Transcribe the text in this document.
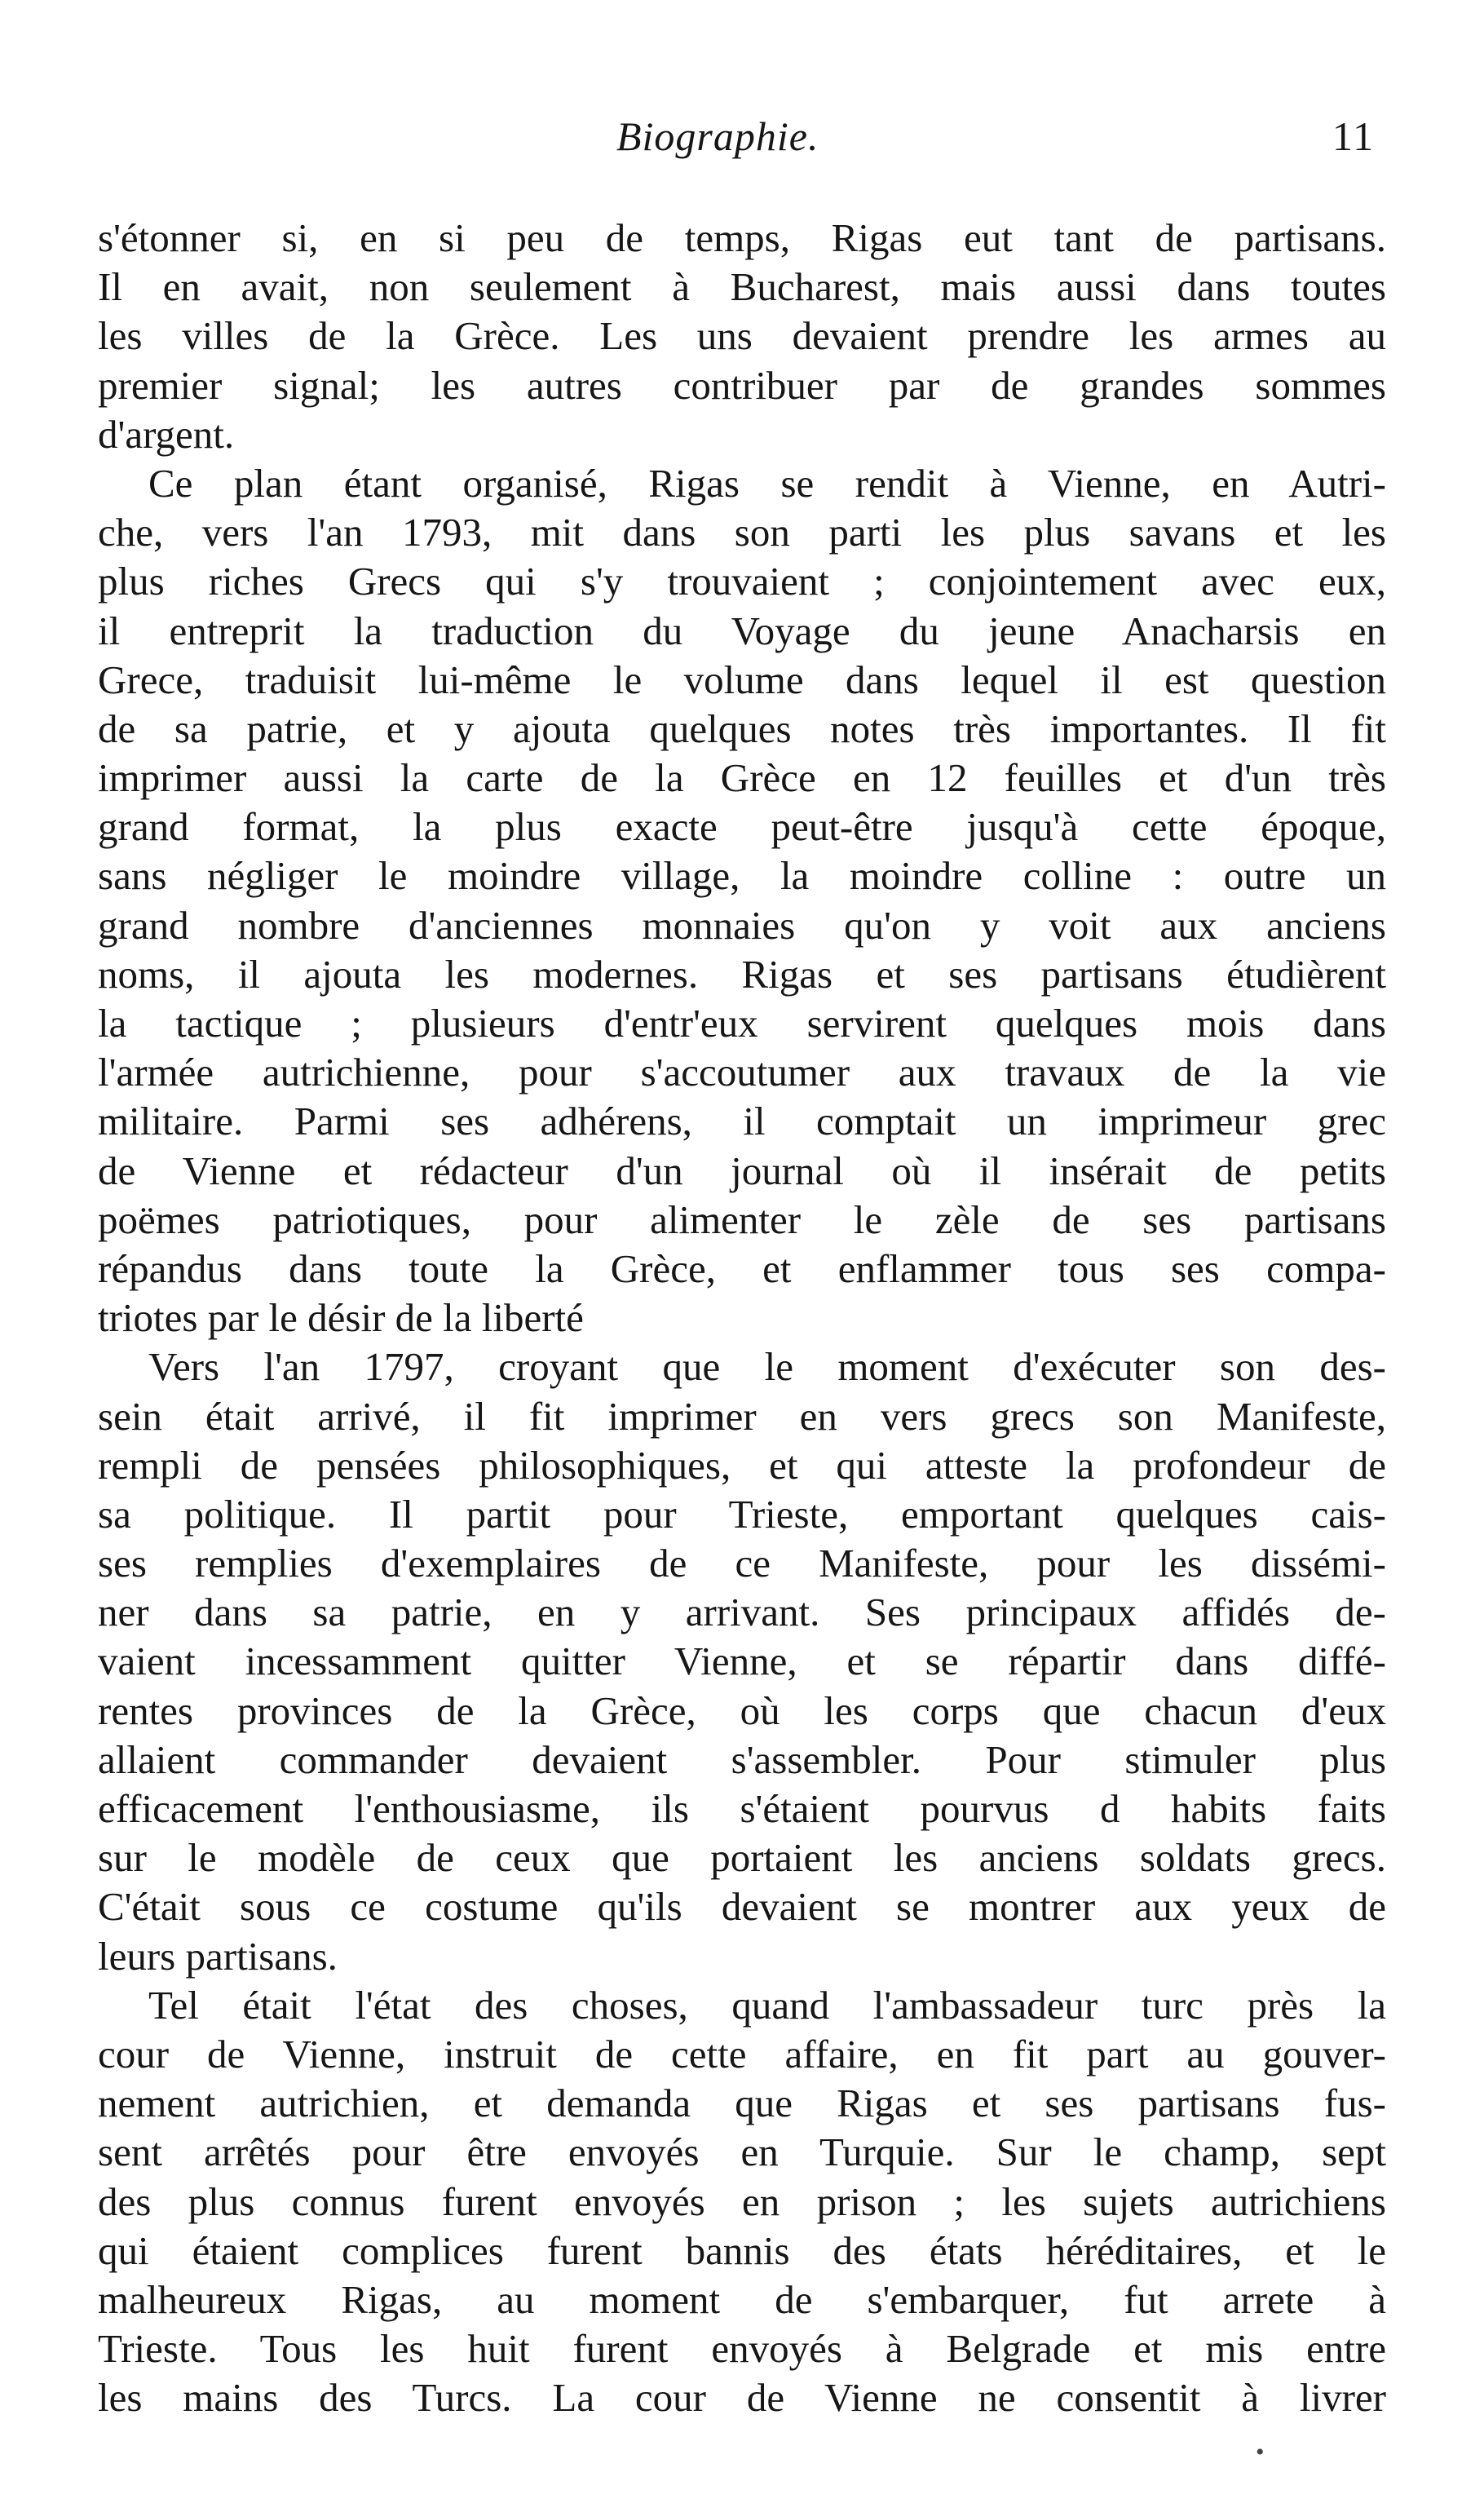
Biographie.	11
s'étonner si, en si peu de temps, Rigas eut tant de partisans.
Il en avait, non seulement à Bucharest, mais aussi dans toutes
les villes de la Grèce. Les uns devaient prendre les armes au
premier signal; les autres contribuer par de grandes sommes
d'argent.
Ce plan étant organisé, Rigas se rendit à Vienne, en Autri-
che, vers l'an 1793, mit dans son parti les plus savans et les
plus riches Grecs qui s'y trouvaient ; conjointement avec eux,
il entreprit la traduction du Voyage du jeune Anacharsis en
Grece, traduisit lui-même le volume dans lequel il est question
de sa patrie, et y ajouta quelques notes très importantes. Il fit
imprimer aussi la carte de la Grèce en 12 feuilles et d'un très
grand format, la plus exacte peut-être jusqu'à cette époque,
sans négliger le moindre village, la moindre colline : outre un
grand nombre d'anciennes monnaies qu'on y voit aux anciens
noms, il ajouta les modernes. Rigas et ses partisans étudièrent
la tactique ; plusieurs d'entr'eux servirent quelques mois dans
l'armée autrichienne, pour s'accoutumer aux travaux de la vie
militaire. Parmi ses adhérens, il comptait un imprimeur grec
de Vienne et rédacteur d'un journal où il insérait de petits
poëmes patriotiques, pour alimenter le zèle de ses partisans
répandus dans toute la Grèce, et enflammer tous ses compa-
triotes par le désir de la liberté
Vers l'an 1797, croyant que le moment d'exécuter son des-
sein était arrivé, il fit imprimer en vers grecs son Manifeste,
rempli de pensées philosophiques, et qui atteste la profondeur de
sa politique. Il partit pour Trieste, emportant quelques cais-
ses remplies d'exemplaires de ce Manifeste, pour les dissémi-
ner dans sa patrie, en y arrivant. Ses principaux affidés de-
vaient incessamment quitter Vienne, et se répartir dans diffé-
rentes provinces de la Grèce, où les corps que chacun d'eux
allaient commander devaient s'assembler. Pour stimuler plus
efficacement l'enthousiasme, ils s'étaient pourvus d habits faits
sur le modèle de ceux que portaient les anciens soldats grecs.
C'était sous ce costume qu'ils devaient se montrer aux yeux de
leurs partisans.
Tel était l'état des choses, quand l'ambassadeur turc près la
cour de Vienne, instruit de cette affaire, en fit part au gouver-
nement autrichien, et demanda que Rigas et ses partisans fus-
sent arrêtés pour être envoyés en Turquie. Sur le champ, sept
des plus connus furent envoyés en prison ; les sujets autrichiens
qui étaient complices furent bannis des états héréditaires, et le
malheureux Rigas, au moment de s'embarquer, fut arrete à
Trieste. Tous les huit furent envoyés à Belgrade et mis entre
les mains des Turcs. La cour de Vienne ne consentit à livrer
•
